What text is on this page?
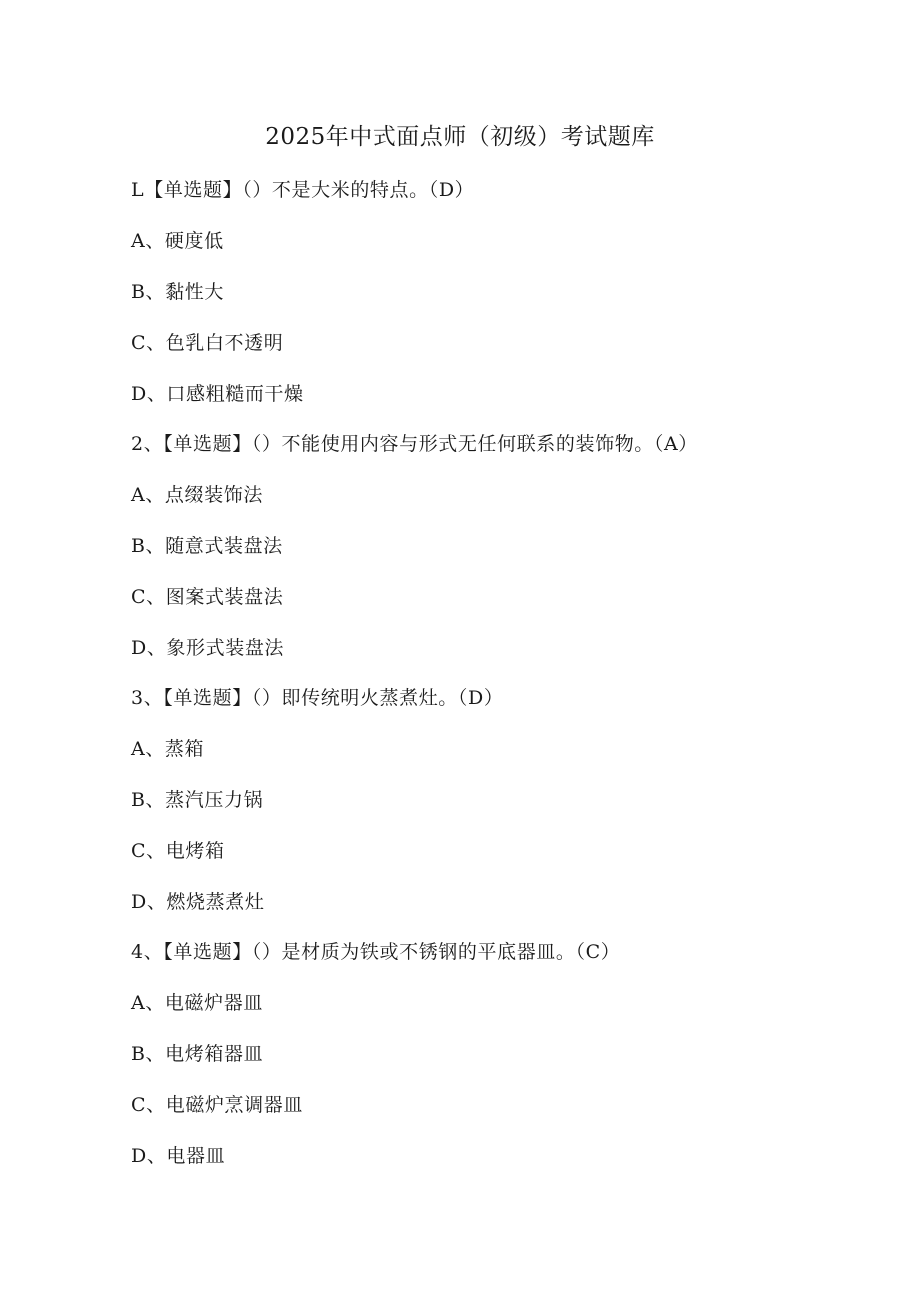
2025年中式面点师（初级）考试题库
L【单选题】（）不是大米的特点。（D）
A、硬度低
B、黏性大
C、色乳白不透明
D、口感粗糙而干燥
2、【单选题】（）不能使用内容与形式无任何联系的装饰物。（A）
A、点缀装饰法
B、随意式装盘法
C、图案式装盘法
D、象形式装盘法
3、【单选题】（）即传统明火蒸煮灶。（D）
A、蒸箱
B、蒸汽压力锅
C、电烤箱
D、燃烧蒸煮灶
4、【单选题】（）是材质为铁或不锈钢的平底器皿。（C）
A、电磁炉器皿
B、电烤箱器皿
C、电磁炉烹调器皿
D、电器皿
